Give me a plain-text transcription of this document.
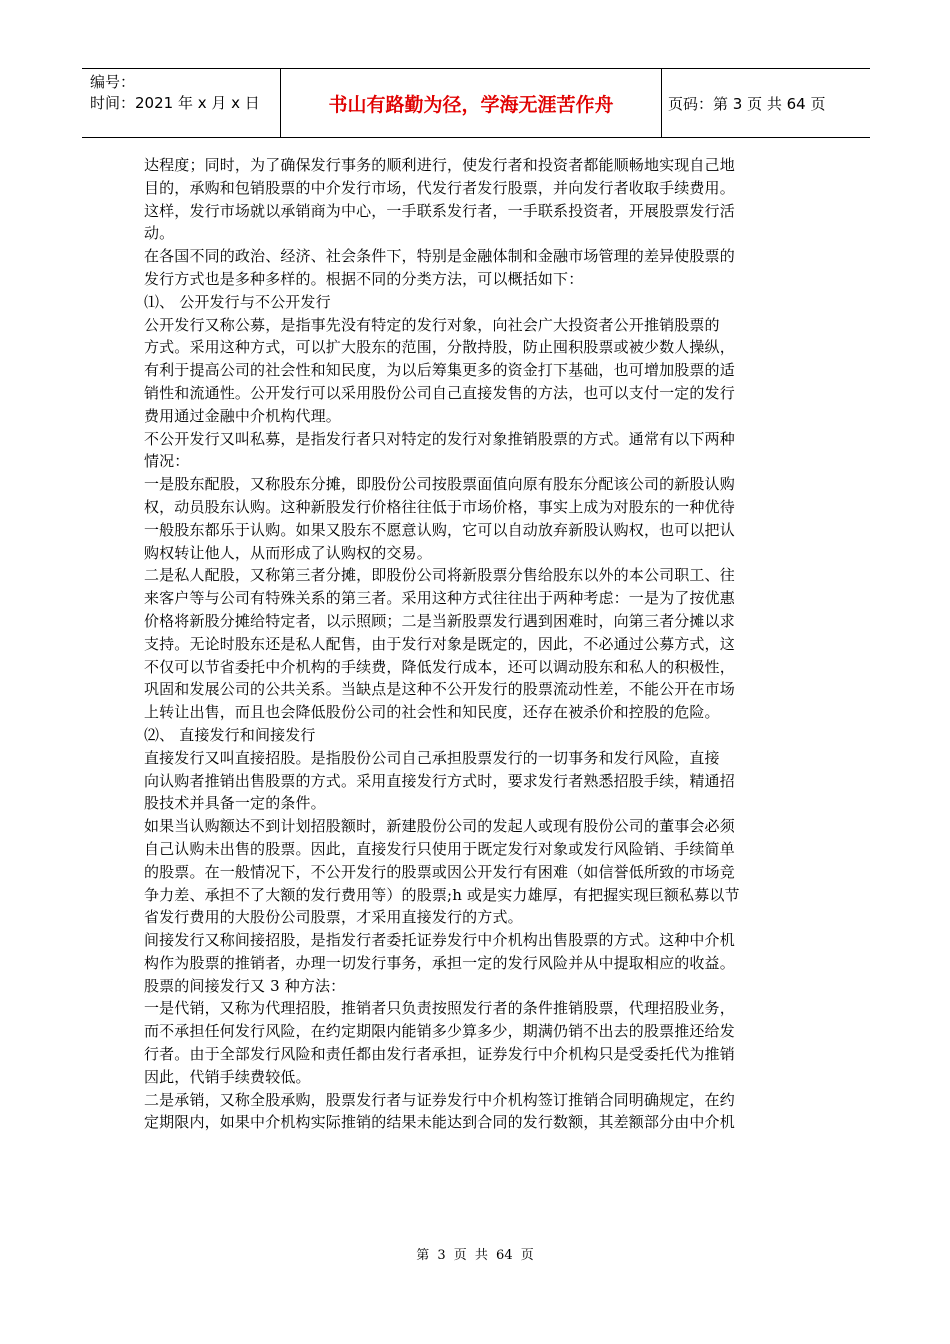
编号：
时间：2021 年 x 月 x 日	书山有路勤为径，学海无涯苦作舟	页码：第 3 页 共 64 页
达程度；同时，为了确保发行事务的顺利进行，使发行者和投资者都能顺畅地实现自己地
目的，承购和包销股票的中介发行市场，代发行者发行股票，并向发行者收取手续费用。
这样，发行市场就以承销商为中心，一手联系发行者，一手联系投资者，开展股票发行活
动。
在各国不同的政治、经济、社会条件下，特别是金融体制和金融市场管理的差异使股票的
发行方式也是多种多样的。根据不同的分类方法，可以概括如下：
⑴、 公开发行与不公开发行
公开发行又称公募，是指事先没有特定的发行对象，向社会广大投资者公开推销股票的
方式。采用这种方式，可以扩大股东的范围，分散持股，防止囤积股票或被少数人操纵，
有利于提高公司的社会性和知民度，为以后筹集更多的资金打下基础，也可增加股票的适
销性和流通性。公开发行可以采用股份公司自己直接发售的方法，也可以支付一定的发行
费用通过金融中介机构代理。
不公开发行又叫私募，是指发行者只对特定的发行对象推销股票的方式。通常有以下两种
情况：
一是股东配股，又称股东分摊，即股份公司按股票面值向原有股东分配该公司的新股认购
权，动员股东认购。这种新股发行价格往往低于市场价格，事实上成为对股东的一种优待
一般股东都乐于认购。如果又股东不愿意认购，它可以自动放弃新股认购权，也可以把认
购权转让他人，从而形成了认购权的交易。
二是私人配股，又称第三者分摊，即股份公司将新股票分售给股东以外的本公司职工、往
来客户等与公司有特殊关系的第三者。采用这种方式往往出于两种考虑：一是为了按优惠
价格将新股分摊给特定者，以示照顾；二是当新股票发行遇到困难时，向第三者分摊以求
支持。无论时股东还是私人配售，由于发行对象是既定的，因此，不必通过公募方式，这
不仅可以节省委托中介机构的手续费，降低发行成本，还可以调动股东和私人的积极性，
巩固和发展公司的公共关系。当缺点是这种不公开发行的股票流动性差，不能公开在市场
上转让出售，而且也会降低股份公司的社会性和知民度，还存在被杀价和控股的危险。
⑵、 直接发行和间接发行
直接发行又叫直接招股。是指股份公司自己承担股票发行的一切事务和发行风险，直接
向认购者推销出售股票的方式。采用直接发行方式时，要求发行者熟悉招股手续，精通招
股技术并具备一定的条件。
如果当认购额达不到计划招股额时，新建股份公司的发起人或现有股份公司的董事会必须
自己认购未出售的股票。因此，直接发行只使用于既定发行对象或发行风险销、手续简单
的股票。在一般情况下，不公开发行的股票或因公开发行有困难（如信誉低所致的市场竞
争力差、承担不了大额的发行费用等）的股票;h 或是实力雄厚，有把握实现巨额私募以节
省发行费用的大股份公司股票，才采用直接发行的方式。
间接发行又称间接招股，是指发行者委托证券发行中介机构出售股票的方式。这种中介机
构作为股票的推销者，办理一切发行事务，承担一定的发行风险并从中提取相应的收益。
股票的间接发行又 3 种方法：
一是代销，又称为代理招股，推销者只负责按照发行者的条件推销股票，代理招股业务，
而不承担任何发行风险，在约定期限内能销多少算多少，期满仍销不出去的股票推还给发
行者。由于全部发行风险和责任都由发行者承担，证券发行中介机构只是受委托代为推销
因此，代销手续费较低。
二是承销，又称全股承购，股票发行者与证券发行中介机构签订推销合同明确规定，在约
定期限内，如果中介机构实际推销的结果未能达到合同的发行数额，其差额部分由中介机
第 3 页 共 64 页
